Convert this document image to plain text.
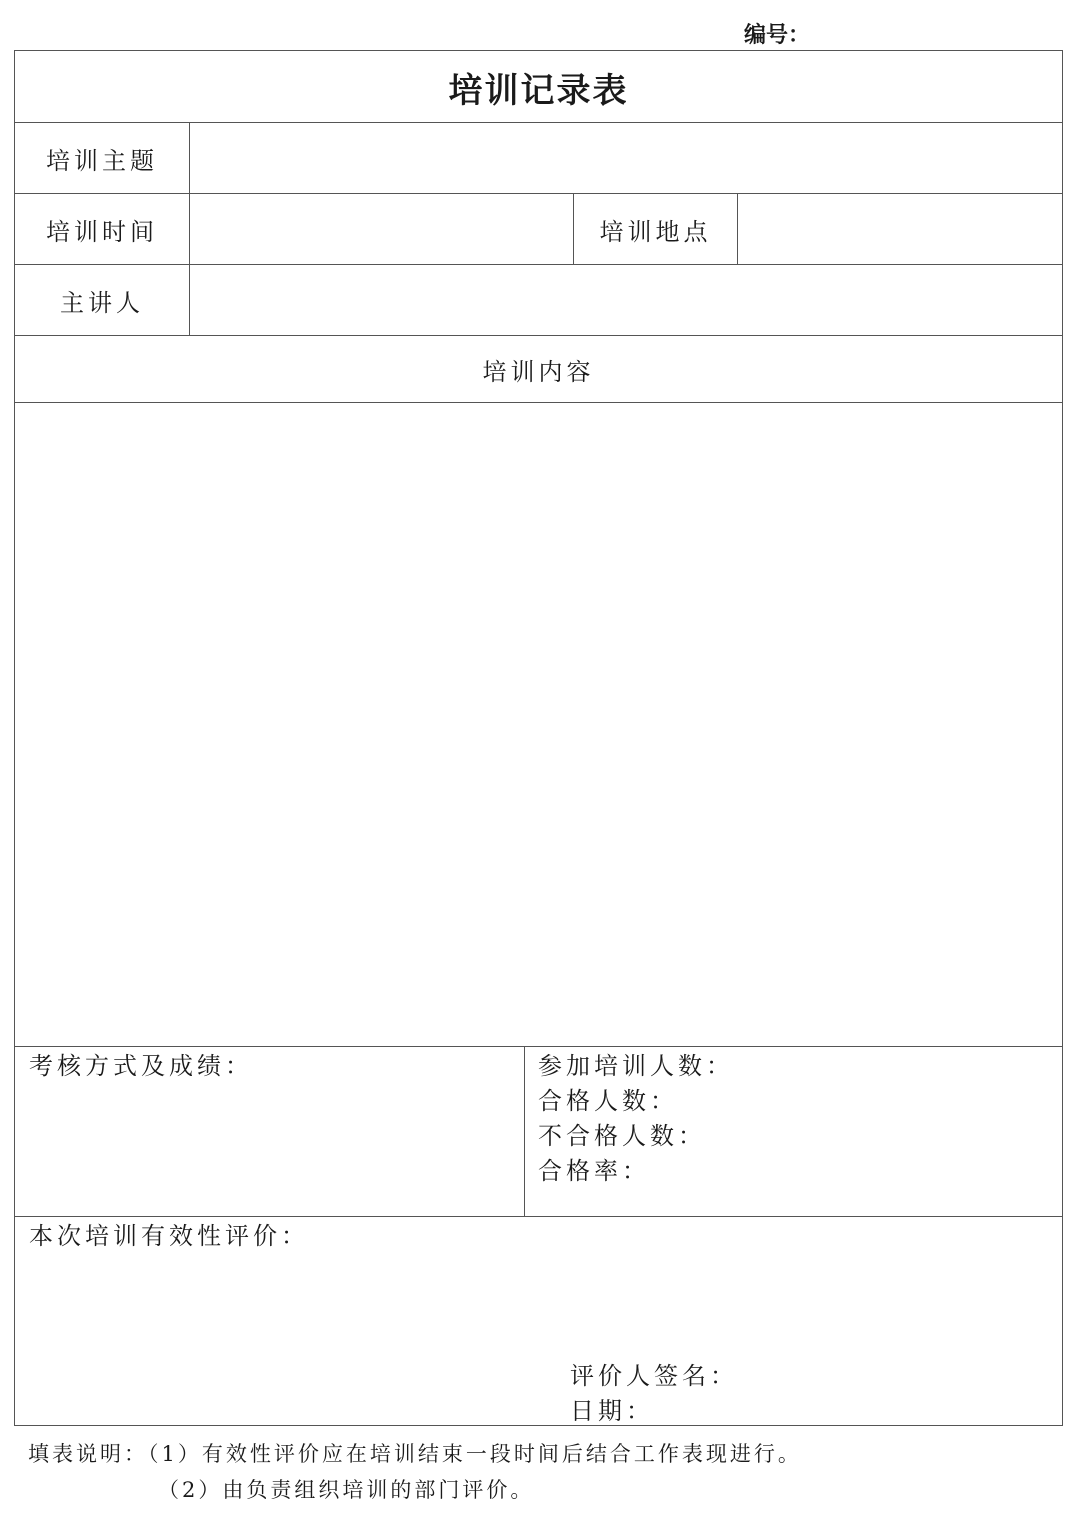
编号：
培训记录表
培训主题
培训时间	培训地点
主讲人
培训内容
考核方式及成绩：	参加培训人数：
合格人数：
不合格人数：
合格率：
本次培训有效性评价：
评价人签名：
日期：
填表说明：（1）有效性评价应在培训结束一段时间后结合工作表现进行。
（2）由负责组织培训的部门评价。
